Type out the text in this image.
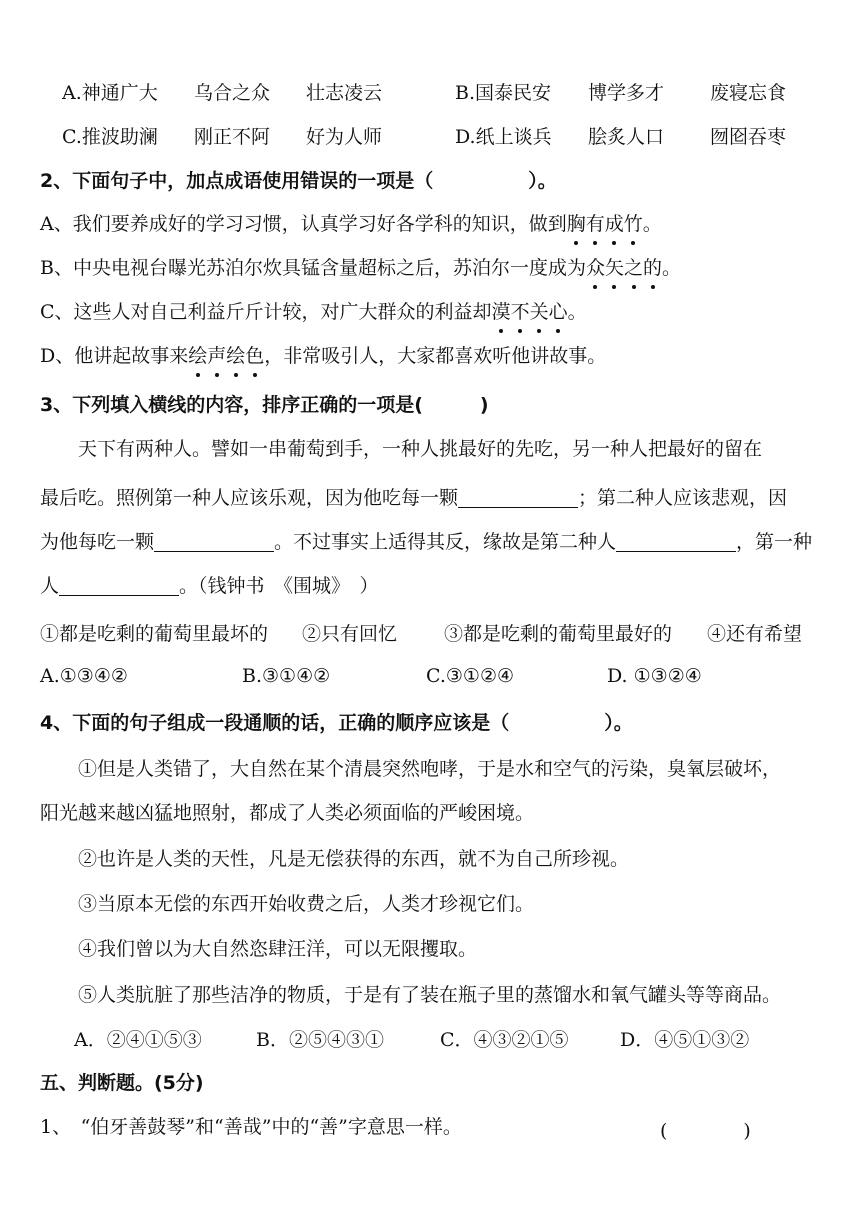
A.神通广大 乌合之众 壮志凌云	B.国泰民安 博学多才 废寝忘食
C.推波助澜 刚正不阿 好为人师	D.纸上谈兵 脍炙人口 囫囵吞枣
2、下面句子中，加点成语使用错误的一项是（　　　　　）。
A、我们要养成好的学习习惯，认真学习好各学科的知识，做到胸有成竹。
B、中央电视台曝光苏泊尔炊具锰含量超标之后，苏泊尔一度成为众矢之的。
C、这些人对自己利益斤斤计较，对广大群众的利益却漠不关心。
D、他讲起故事来绘声绘色，非常吸引人，大家都喜欢听他讲故事。
3、下列填入横线的内容，排序正确的一项是(　　　)
天下有两种人。譬如一串葡萄到手，一种人挑最好的先吃，另一种人把最好的留在
最后吃。照例第一种人应该乐观，因为他吃每一颗	；第二种人应该悲观，因
为他每吃一颗	。不过事实上适得其反，缘故是第二种人	，第一种
人	。（钱钟书　《围城》　）
①都是吃剩的葡萄里最坏的 ②只有回忆 ③都是吃剩的葡萄里最好的 ④还有希望
A.①③④②	B.③①④②	C.③①②④	D. ①③②④
4、下面的句子组成一段通顺的话，正确的顺序应该是（　　　　　）。
①但是人类错了，大自然在某个清晨突然咆哮，于是水和空气的污染，臭氧层破坏，
阳光越来越凶猛地照射，都成了人类必须面临的严峻困境。
②也许是人类的天性，凡是无偿获得的东西，就不为自己所珍视。
③当原本无偿的东西开始收费之后，人类才珍视它们。
④我们曾以为大自然恣肆汪洋，可以无限攫取。
⑤人类肮脏了那些洁净的物质，于是有了装在瓶子里的蒸馏水和氧气罐头等等商品。
A．②④①⑤③	B．②⑤④③①	C．④③②①⑤	D．④⑤①③②
五、判断题。(5分)
1、　“伯牙善鼓琴”和“善哉”中的“善”字意思一样。	(　　　　)
